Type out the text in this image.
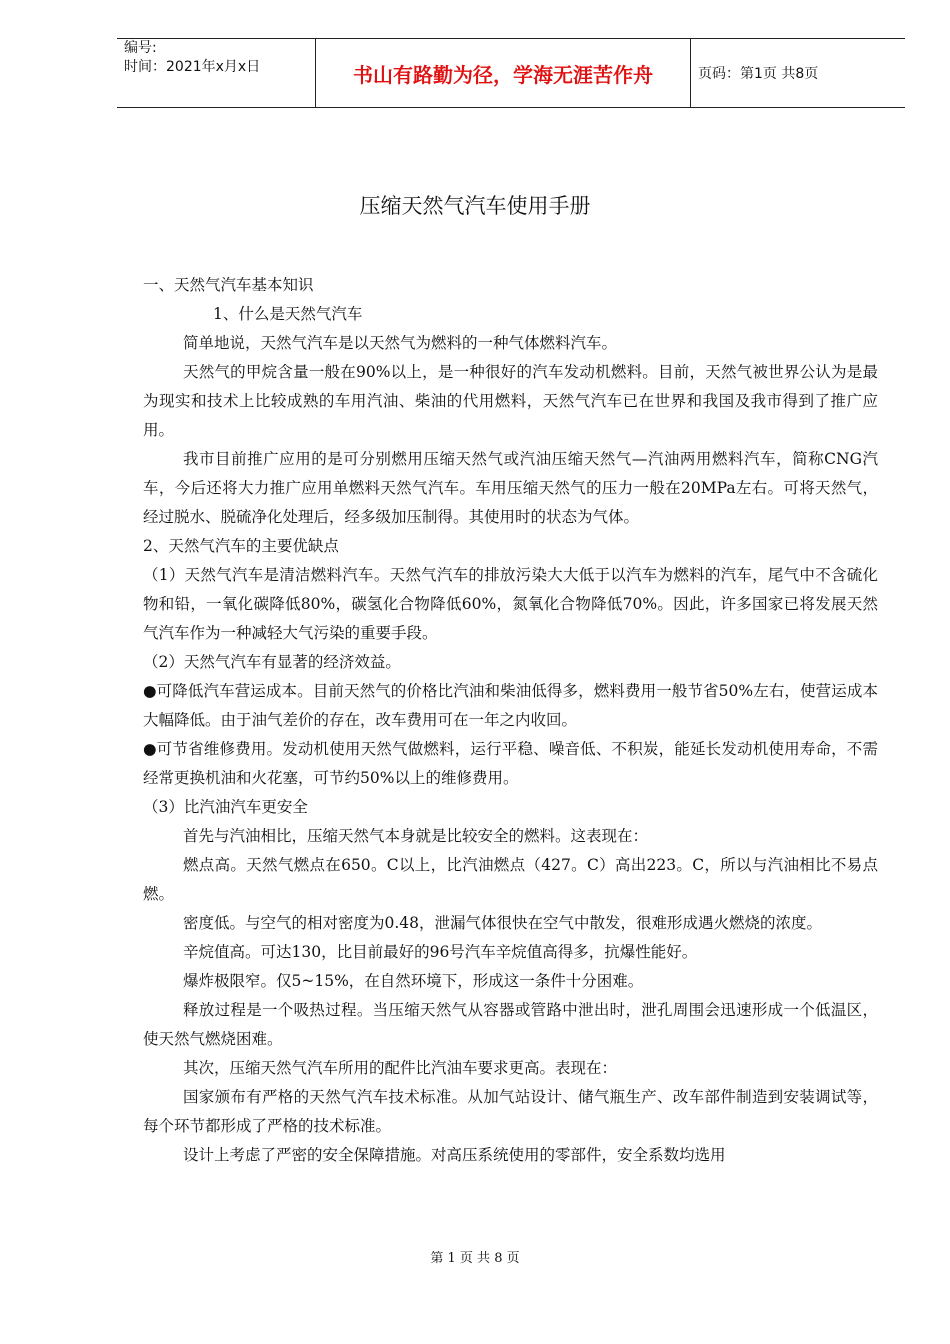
编号:
时间：2021年x月x日	书山有路勤为径，学海无涯苦作舟	页码：第1页 共8页
压缩天然气汽车使用手册

一、天然气汽车基本知识

1、什么是天然气汽车

简单地说，天然气汽车是以天然气为燃料的一种气体燃料汽车。

天然气的甲烷含量一般在90%以上，是一种很好的汽车发动机燃料。目前，天然气被世界公认为是最为现实和技术上比较成熟的车用汽油、柴油的代用燃料，天然气汽车已在世界和我国及我市得到了推广应用。

我市目前推广应用的是可分别燃用压缩天然气或汽油压缩天然气—汽油两用燃料汽车，简称CNG汽车，今后还将大力推广应用单燃料天然气汽车。车用压缩天然气的压力一般在20MPa左右。可将天然气，经过脱水、脱硫净化处理后，经多级加压制得。其使用时的状态为气体。

2、天然气汽车的主要优缺点

（1）天然气汽车是清洁燃料汽车。天然气汽车的排放污染大大低于以汽车为燃料的汽车，尾气中不含硫化物和铅，一氧化碳降低80%，碳氢化合物降低60%，氮氧化合物降低70%。因此，许多国家已将发展天然气汽车作为一种减轻大气污染的重要手段。

（2）天然气汽车有显著的经济效益。

●可降低汽车营运成本。目前天然气的价格比汽油和柴油低得多，燃料费用一般节省50%左右，使营运成本大幅降低。由于油气差价的存在，改车费用可在一年之内收回。

●可节省维修费用。发动机使用天然气做燃料，运行平稳、噪音低、不积炭，能延长发动机使用寿命，不需经常更换机油和火花塞，可节约50%以上的维修费用。

（3）比汽油汽车更安全

首先与汽油相比，压缩天然气本身就是比较安全的燃料。这表现在：

燃点高。天然气燃点在650。C以上，比汽油燃点（427。C）高出223。C，所以与汽油相比不易点燃。

密度低。与空气的相对密度为0.48，泄漏气体很快在空气中散发，很难形成遇火燃烧的浓度。

辛烷值高。可达130，比目前最好的96号汽车辛烷值高得多，抗爆性能好。

爆炸极限窄。仅5~15%，在自然环境下，形成这一条件十分困难。

释放过程是一个吸热过程。当压缩天然气从容器或管路中泄出时，泄孔周围会迅速形成一个低温区，使天然气燃烧困难。

其次，压缩天然气汽车所用的配件比汽油车要求更高。表现在：

国家颁布有严格的天然气汽车技术标准。从加气站设计、储气瓶生产、改车部件制造到安装调试等，每个环节都形成了严格的技术标准。

设计上考虑了严密的安全保障措施。对高压系统使用的零部件，安全系数均选用

第 1 页 共 8 页
